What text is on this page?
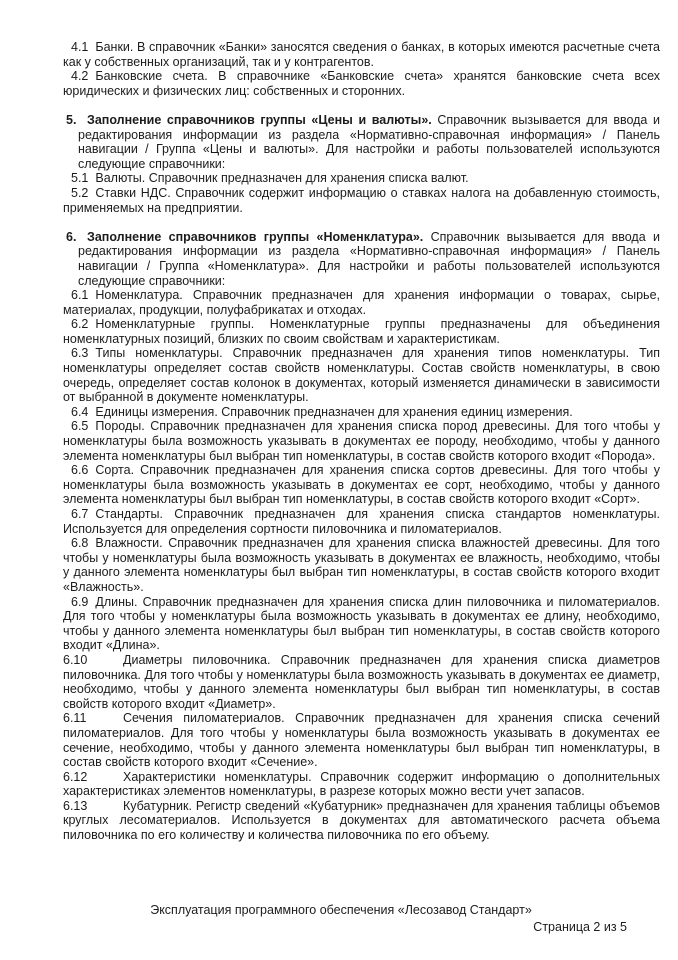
4.1 Банки. В справочник «Банки» заносятся сведения о банках, в которых имеются расчетные счета как у собственных организаций, так и у контрагентов.

4.2 Банковские счета. В справочнике «Банковские счета» хранятся банковские счета всех юридических и физических лиц: собственных и сторонних.

5. Заполнение справочников группы «Цены и валюты». Справочник вызывается для ввода и редактирования информации из раздела «Нормативно-справочная информация» / Панель навигации / Группа «Цены и валюты». Для настройки и работы пользователей используются следующие справочники:

5.1 Валюты. Справочник предназначен для хранения списка валют.

5.2 Ставки НДС. Справочник содержит информацию о ставках налога на добавленную стоимость, применяемых на предприятии.

6. Заполнение справочников группы «Номенклатура». Справочник вызывается для ввода и редактирования информации из раздела «Нормативно-справочная информация» / Панель навигации / Группа «Номенклатура». Для настройки и работы пользователей используются следующие справочники:

6.1 Номенклатура. Справочник предназначен для хранения информации о товарах, сырье, материалах, продукции, полуфабрикатах и отходах.

6.2 Номенклатурные группы. Номенклатурные группы предназначены для объединения номенклатурных позиций, близких по своим свойствам и характеристикам.

6.3 Типы номенклатуры. Справочник предназначен для хранения типов номенклатуры. Тип номенклатуры определяет состав свойств номенклатуры. Состав свойств номенклатуры, в свою очередь, определяет состав колонок в документах, который изменяется динамически в зависимости от выбранной в документе номенклатуры.

6.4 Единицы измерения. Справочник предназначен для хранения единиц измерения.

6.5 Породы. Справочник предназначен для хранения списка пород древесины. Для того чтобы у номенклатуры была возможность указывать в документах ее породу, необходимо, чтобы у данного элемента номенклатуры был выбран тип номенклатуры, в состав свойств которого входит «Порода».

6.6 Сорта. Справочник предназначен для хранения списка сортов древесины. Для того чтобы у номенклатуры была возможность указывать в документах ее сорт, необходимо, чтобы у данного элемента номенклатуры был выбран тип номенклатуры, в состав свойств которого входит «Сорт».

6.7 Стандарты. Справочник предназначен для хранения списка стандартов номенклатуры. Используется для определения сортности пиловочника и пиломатериалов.

6.8 Влажности. Справочник предназначен для хранения списка влажностей древесины. Для того чтобы у номенклатуры была возможность указывать в документах ее влажность, необходимо, чтобы у данного элемента номенклатуры был выбран тип номенклатуры, в состав свойств которого входит «Влажность».

6.9 Длины. Справочник предназначен для хранения списка длин пиловочника и пиломатериалов. Для того чтобы у номенклатуры была возможность указывать в документах ее длину, необходимо, чтобы у данного элемента номенклатуры был выбран тип номенклатуры, в состав свойств которого входит «Длина».

6.10	Диаметры пиловочника. Справочник предназначен для хранения списка диаметров пиловочника. Для того чтобы у номенклатуры была возможность указывать в документах ее диаметр, необходимо, чтобы у данного элемента номенклатуры был выбран тип номенклатуры, в состав свойств которого входит «Диаметр».

6.11	Сечения пиломатериалов. Справочник предназначен для хранения списка сечений пиломатериалов. Для того чтобы у номенклатуры была возможность указывать в документах ее сечение, необходимо, чтобы у данного элемента номенклатуры был выбран тип номенклатуры, в состав свойств которого входит «Сечение».

6.12	Характеристики номенклатуры. Справочник содержит информацию о дополнительных характеристиках элементов номенклатуры, в разрезе которых можно вести учет запасов.

6.13	Кубатурник. Регистр сведений «Кубатурник» предназначен для хранения таблицы объемов круглых лесоматериалов. Используется в документах для автоматического расчета объема пиловочника по его количеству и количества пиловочника по его объему.

Эксплуатация программного обеспечения «Лесозавод Стандарт»
Страница 2 из 5
